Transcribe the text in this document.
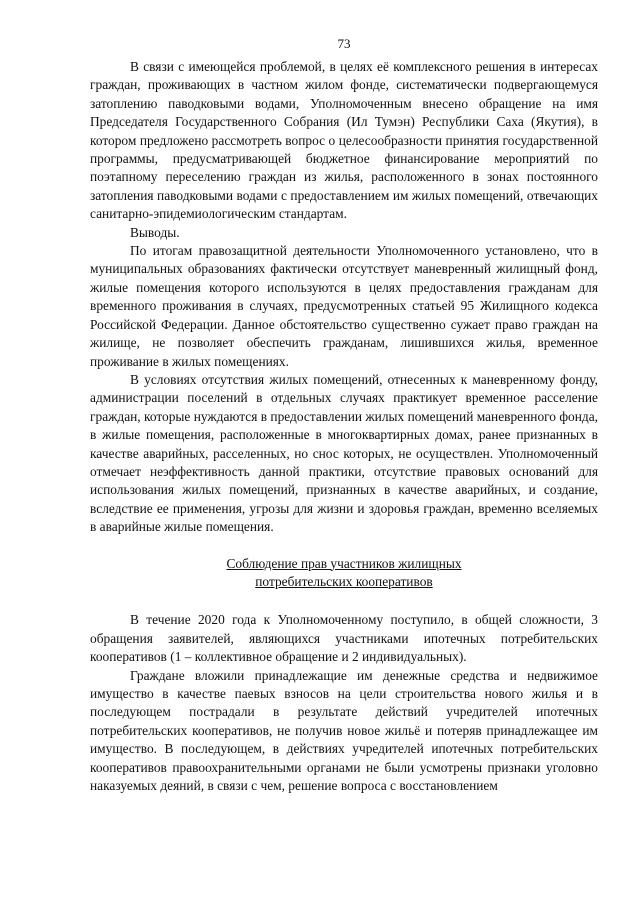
73

В связи с имеющейся проблемой, в целях её комплексного решения в интересах граждан, проживающих в частном жилом фонде, систематически подвергающемуся затоплению паводковыми водами, Уполномоченным внесено обращение на имя Председателя Государственного Собрания (Ил Тумэн) Республики Саха (Якутия), в котором предложено рассмотреть вопрос о целесообразности принятия государственной программы, предусматривающей бюджетное финансирование мероприятий по поэтапному переселению граждан из жилья, расположенного в зонах постоянного затопления паводковыми водами с предоставлением им жилых помещений, отвечающих санитарно-эпидемиологическим стандартам.

Выводы.

По итогам правозащитной деятельности Уполномоченного установлено, что в муниципальных образованиях фактически отсутствует маневренный жилищный фонд, жилые помещения которого используются в целях предоставления гражданам для временного проживания в случаях, предусмотренных статьей 95 Жилищного кодекса Российской Федерации. Данное обстоятельство существенно сужает право граждан на жилище, не позволяет обеспечить гражданам, лишившихся жилья, временное проживание в жилых помещениях.

В условиях отсутствия жилых помещений, отнесенных к маневренному фонду, администрации поселений в отдельных случаях практикует временное расселение граждан, которые нуждаются в предоставлении жилых помещений маневренного фонда, в жилые помещения, расположенные в многоквартирных домах, ранее признанных в качестве аварийных, расселенных, но снос которых, не осуществлен. Уполномоченный отмечает неэффективность данной практики, отсутствие правовых оснований для использования жилых помещений, признанных в качестве аварийных, и создание, вследствие ее применения, угрозы для жизни и здоровья граждан, временно вселяемых в аварийные жилые помещения.

Соблюдение прав участников жилищных
потребительских кооперативов

В течение 2020 года к Уполномоченному поступило, в общей сложности, 3 обращения заявителей, являющихся участниками ипотечных потребительских кооперативов (1 – коллективное обращение и 2 индивидуальных).

Граждане вложили принадлежащие им денежные средства и недвижимое имущество в качестве паевых взносов на цели строительства нового жилья и в последующем пострадали в результате действий учредителей ипотечных потребительских кооперативов, не получив новое жильё и потеряв принадлежащее им имущество. В последующем, в действиях учредителей ипотечных потребительских кооперативов правоохранительными органами не были усмотрены признаки уголовно наказуемых деяний, в связи с чем, решение вопроса с восстановлением
